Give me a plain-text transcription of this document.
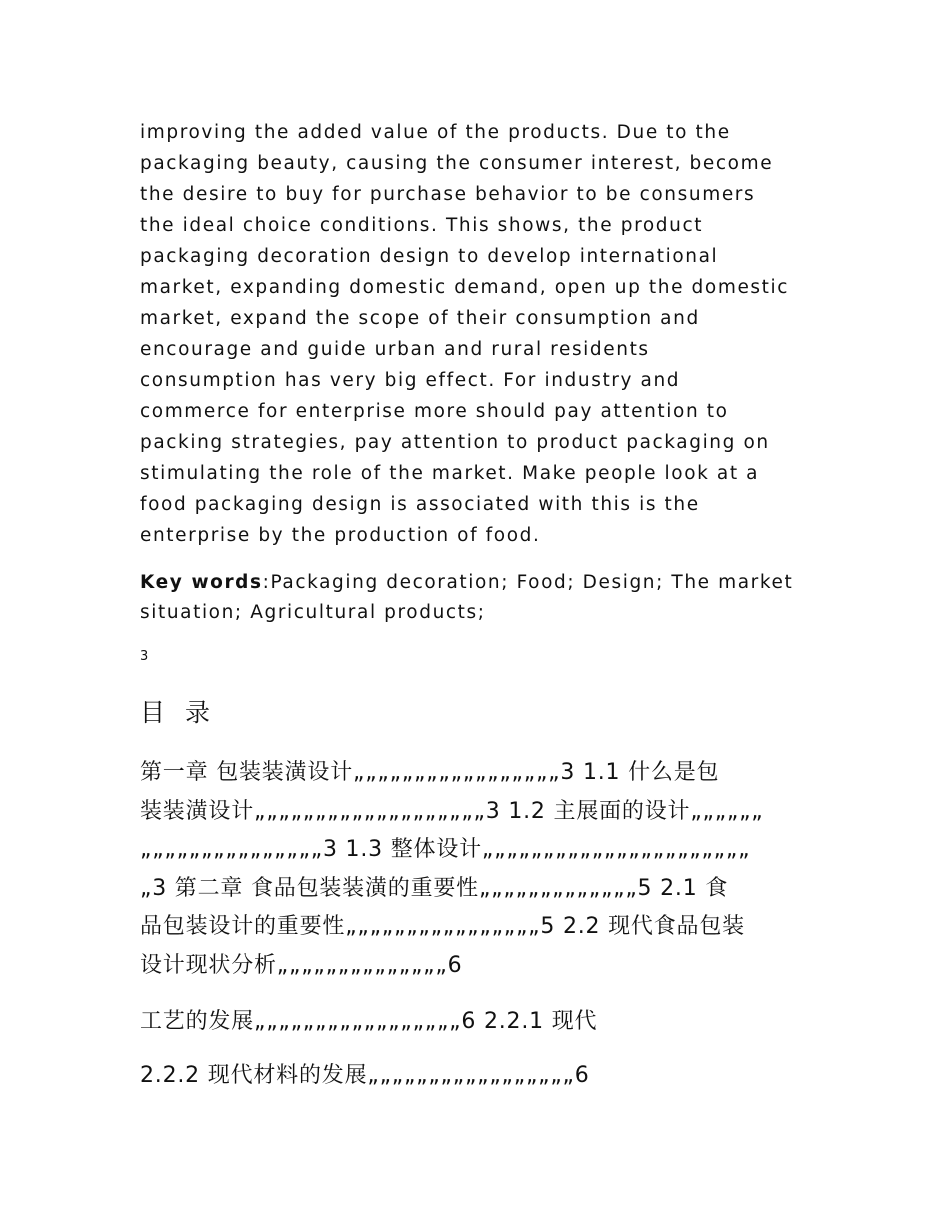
improving the added value of the products. Due to the
packaging beauty, causing the consumer interest, become
the desire to buy for purchase behavior to be consumers
the ideal choice conditions. This shows, the product
packaging decoration design to develop international
market, expanding domestic demand, open up the domestic
market, expand the scope of their consumption and
encourage and guide urban and rural residents
consumption has very big effect. For industry and
commerce for enterprise more should pay attention to
packing strategies, pay attention to product packaging on
stimulating the role of the market. Make people look at a
food packaging design is associated with this is the
enterprise by the production of food.

Key words:Packaging decoration; Food; Design; The market
situation; Agricultural products;

3
目 录

第一章 包装装潢设计„„„„„„„„„„„„„„„„„3 1.1 什么是包
装装潢设计„„„„„„„„„„„„„„„„„„„3 1.2 主展面的设计„„„„„„
„„„„„„„„„„„„„„„3 1.3 整体设计„„„„„„„„„„„„„„„„„„„„„„
„3 第二章 食品包装装潢的重要性„„„„„„„„„„„„„5 2.1 食
品包装设计的重要性„„„„„„„„„„„„„„„„5 2.2 现代食品包装
设计现状分析„„„„„„„„„„„„„„6

工艺的发展„„„„„„„„„„„„„„„„„6 2.2.1 现代

2.2.2 现代材料的发展„„„„„„„„„„„„„„„„„6
